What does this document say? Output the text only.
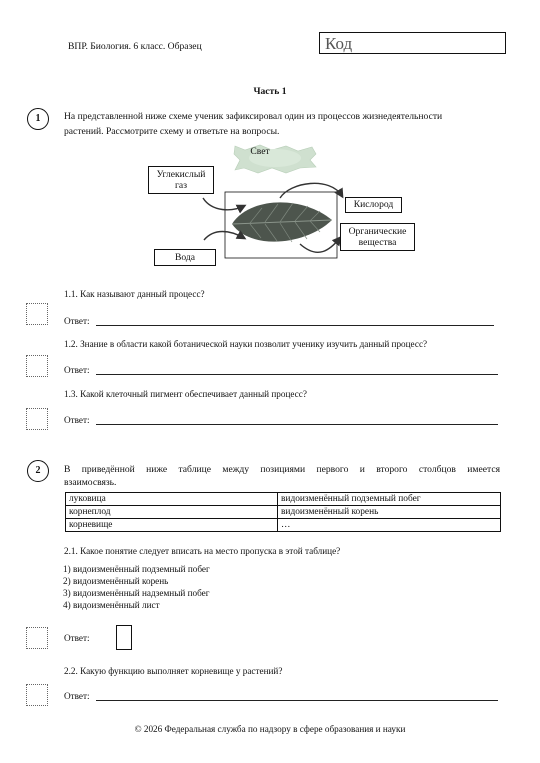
ВПР. Биология. 6 класс. Образец	Код
Часть 1
1	На представленной ниже схеме ученик зафиксировал один из процессов жизнедеятельности
растений. Рассмотрите схему и ответьте на вопросы.
Свет
Углекислый
газ
Кислород
Органические
вещества
Вода
1.1. Как называют данный процесс?
Ответ:
1.2. Знание в области какой ботанической науки позволит ученику изучить данный процесс?
Ответ:
1.3. Какой клеточный пигмент обеспечивает данный процесс?
Ответ:
2	В приведённой ниже таблице между позициями первого и второго столбцов имеется
взаимосвязь.
луковица	видоизменённый подземный побег
корнеплод	видоизменённый корень
корневище	…
2.1. Какое понятие следует вписать на место пропуска в этой таблице?
1) видоизменённый подземный побег
2) видоизменённый корень
3) видоизменённый надземный побег
4) видоизменённый лист
Ответ:
2.2. Какую функцию выполняет корневище у растений?
Ответ:
© 2026 Федеральная служба по надзору в сфере образования и науки
